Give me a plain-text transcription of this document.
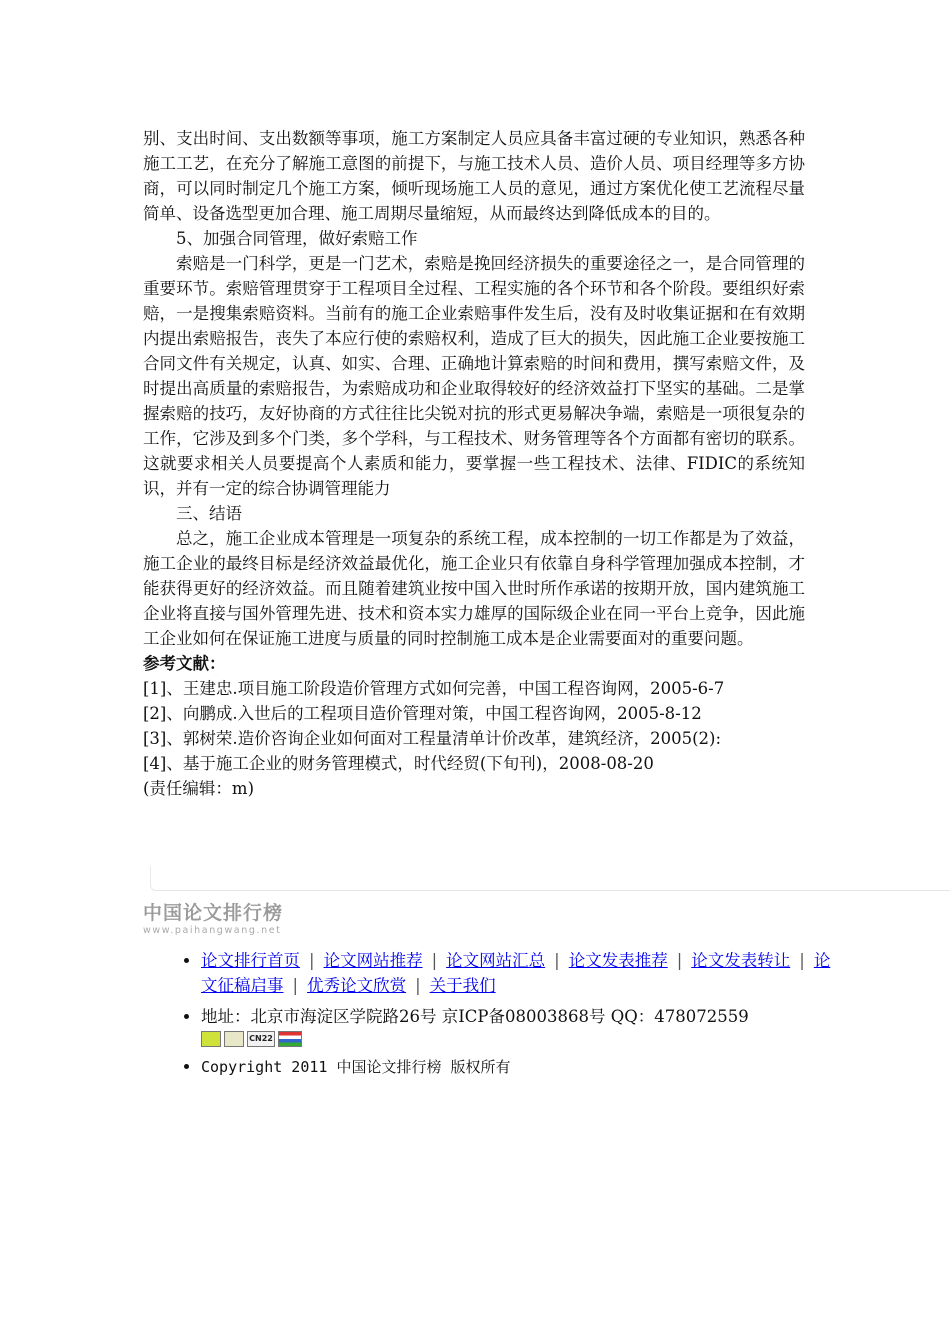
别、支出时间、支出数额等事项，施工方案制定人员应具备丰富过硬的专业知识，熟悉各种施工工艺，在充分了解施工意图的前提下，与施工技术人员、造价人员、项目经理等多方协商，可以同时制定几个施工方案，倾听现场施工人员的意见，通过方案优化使工艺流程尽量简单、设备选型更加合理、施工周期尽量缩短，从而最终达到降低成本的目的。

5、加强合同管理，做好索赔工作

索赔是一门科学，更是一门艺术，索赔是挽回经济损失的重要途径之一，是合同管理的重要环节。索赔管理贯穿于工程项目全过程、工程实施的各个环节和各个阶段。要组织好索赔，一是搜集索赔资料。当前有的施工企业索赔事件发生后，没有及时收集证据和在有效期内提出索赔报告，丧失了本应行使的索赔权利，造成了巨大的损失，因此施工企业要按施工合同文件有关规定，认真、如实、合理、正确地计算索赔的时间和费用，撰写索赔文件，及时提出高质量的索赔报告，为索赔成功和企业取得较好的经济效益打下坚实的基础。二是掌握索赔的技巧，友好协商的方式往往比尖锐对抗的形式更易解决争端，索赔是一项很复杂的工作，它涉及到多个门类，多个学科，与工程技术、财务管理等各个方面都有密切的联系。这就要求相关人员要提高个人素质和能力，要掌握一些工程技术、法律、FIDIC的系统知识，并有一定的综合协调管理能力

三、结语

总之，施工企业成本管理是一项复杂的系统工程，成本控制的一切工作都是为了效益，施工企业的最终目标是经济效益最优化，施工企业只有依靠自身科学管理加强成本控制，才能获得更好的经济效益。而且随着建筑业按中国入世时所作承诺的按期开放，国内建筑施工企业将直接与国外管理先进、技术和资本实力雄厚的国际级企业在同一平台上竞争，因此施工企业如何在保证施工进度与质量的同时控制施工成本是企业需要面对的重要问题。

参考文献：

[1]、王建忠.项目施工阶段造价管理方式如何完善，中国工程咨询网，2005-6-7

[2]、向鹏成.入世后的工程项目造价管理对策，中国工程咨询网，2005-8-12

[3]、郭树荣.造价咨询企业如何面对工程量清单计价改革，建筑经济，2005(2):

[4]、基于施工企业的财务管理模式，时代经贸(下旬刊)，2008-08-20

(责任编辑：m)

中国论文排行榜
www.paihangwang.net
• 论文排行首页 | 论文网站推荐 | 论文网站汇总 | 论文发表推荐 | 论文发表转让 | 论文征稿启事 | 优秀论文欣赏 | 关于我们
• 地址：北京市海淀区学院路26号 京ICP备08003868号 QQ：478072559
CN22
• Copyright 2011 中国论文排行榜 版权所有
